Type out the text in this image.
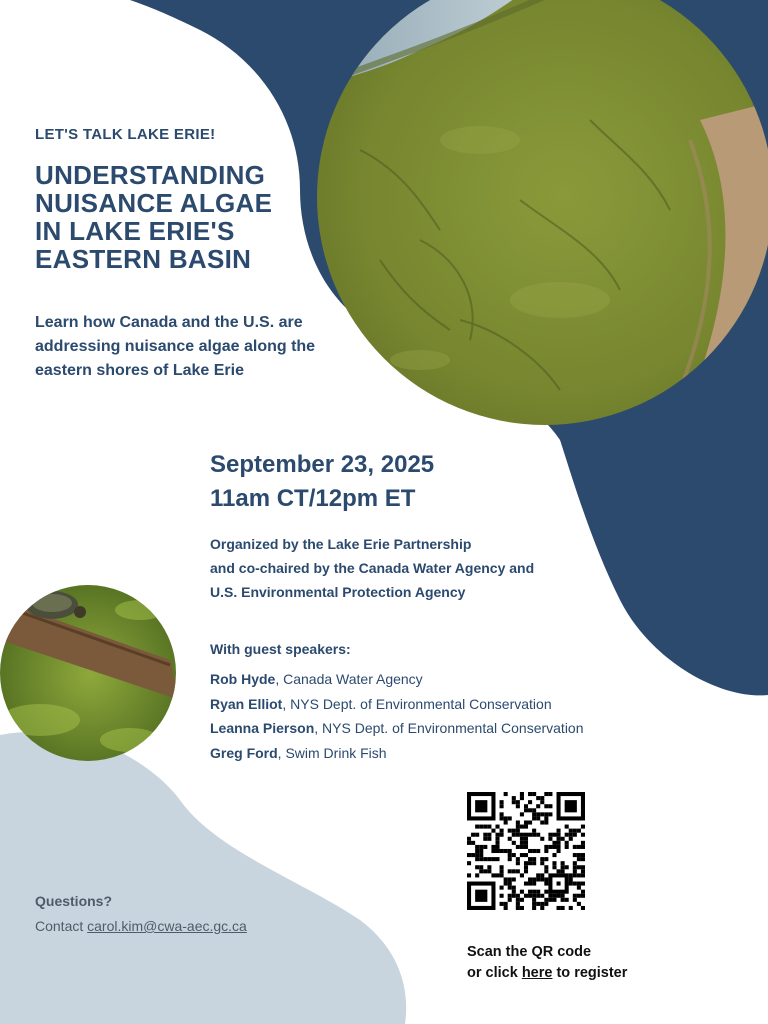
LET'S TALK LAKE ERIE!
UNDERSTANDING
NUISANCE ALGAE
IN LAKE ERIE'S
EASTERN BASIN
Learn how Canada and the U.S. are addressing nuisance algae along the eastern shores of Lake Erie
September 23, 2025
11am CT/12pm ET
Organized by the Lake Erie Partnership
and co-chaired by the Canada Water Agency and
U.S. Environmental Protection Agency
With guest speakers:
Rob Hyde, Canada Water Agency
Ryan Elliot, NYS Dept. of Environmental Conservation
Leanna Pierson, NYS Dept. of Environmental Conservation
Greg Ford, Swim Drink Fish
Questions?
Contact carol.kim@cwa-aec.gc.ca
Scan the QR code
or click here to register
